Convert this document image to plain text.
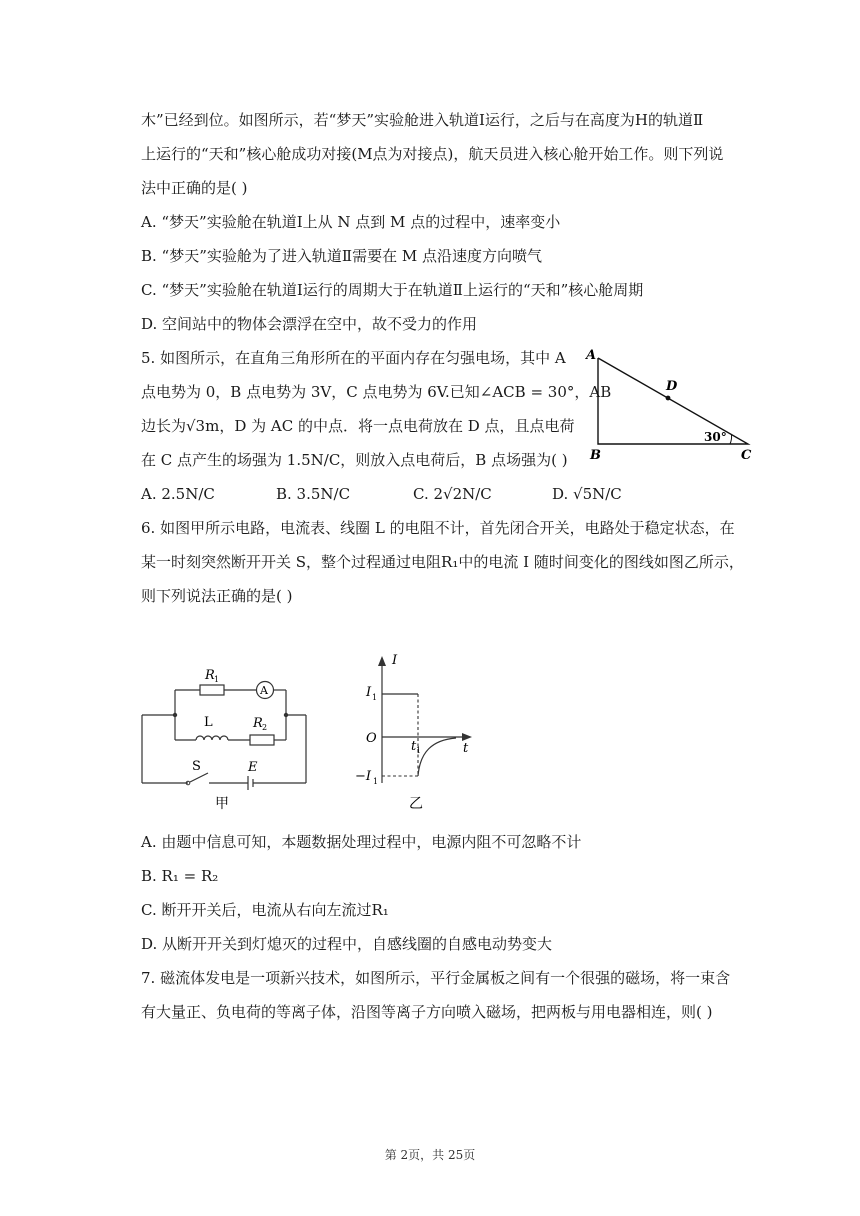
木”已经到位。如图所示，若“梦天”实验舱进入轨道Ⅰ运行，之后与在高度为H的轨道Ⅱ
上运行的“天和”核心舱成功对接(M点为对接点)，航天员进入核心舱开始工作。则下列说
法中正确的是( )
A. “梦天”实验舱在轨道Ⅰ上从 N 点到 M 点的过程中，速率变小
B. “梦天”实验舱为了进入轨道Ⅱ需要在 M 点沿速度方向喷气
C. “梦天”实验舱在轨道Ⅰ运行的周期大于在轨道Ⅱ上运行的“天和”核心舱周期
D. 空间站中的物体会漂浮在空中，故不受力的作用
5. 如图所示，在直角三角形所在的平面内存在匀强电场，其中 A
点电势为 0，B 点电势为 3V，C 点电势为 6V.已知∠ACB = 30°，AB
边长为√3m，D 为 AC 的中点．将一点电荷放在 D 点，且点电荷
在 C 点产生的场强为 1.5N/C，则放入点电荷后，B 点场强为( )
A. 2.5N/C	B. 3.5N/C	C. 2√2N/C	D. √5N/C
A
B	C
D
30°
6. 如图甲所示电路，电流表、线圈 L 的电阻不计，首先闭合开关，电路处于稳定状态，在
某一时刻突然断开开关 S，整个过程通过电阻R₁中的电流 I 随时间变化的图线如图乙所示，
则下列说法正确的是( )
R 1
A
L	R 2
S	E
甲
I
I 1
O
t 1	t
−I 1
乙
A. 由题中信息可知，本题数据处理过程中，电源内阻不可忽略不计
B. R₁ = R₂
C. 断开开关后，电流从右向左流过R₁
D. 从断开开关到灯熄灭的过程中，自感线圈的自感电动势变大
7. 磁流体发电是一项新兴技术，如图所示，平行金属板之间有一个很强的磁场，将一束含
有大量正、负电荷的等离子体，沿图等离子方向喷入磁场，把两板与用电器相连，则( )
第 2页，共 25页
